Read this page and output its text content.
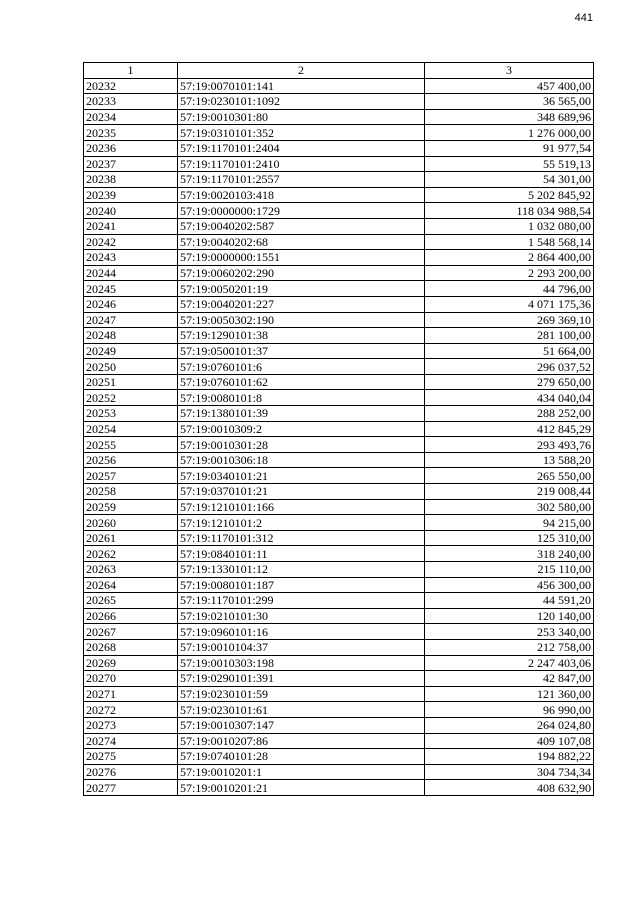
441
1	2	3
20232	57:19:0070101:141	457 400,00
20233	57:19:0230101:1092	36 565,00
20234	57:19:0010301:80	348 689,96
20235	57:19:0310101:352	1 276 000,00
20236	57:19:1170101:2404	91 977,54
20237	57:19:1170101:2410	55 519,13
20238	57:19:1170101:2557	54 301,00
20239	57:19:0020103:418	5 202 845,92
20240	57:19:0000000:1729	118 034 988,54
20241	57:19:0040202:587	1 032 080,00
20242	57:19:0040202:68	1 548 568,14
20243	57:19:0000000:1551	2 864 400,00
20244	57:19:0060202:290	2 293 200,00
20245	57:19:0050201:19	44 796,00
20246	57:19:0040201:227	4 071 175,36
20247	57:19:0050302:190	269 369,10
20248	57:19:1290101:38	281 100,00
20249	57:19:0500101:37	51 664,00
20250	57:19:0760101:6	296 037,52
20251	57:19:0760101:62	279 650,00
20252	57:19:0080101:8	434 040,04
20253	57:19:1380101:39	288 252,00
20254	57:19:0010309:2	412 845,29
20255	57:19:0010301:28	293 493,76
20256	57:19:0010306:18	13 588,20
20257	57:19:0340101:21	265 550,00
20258	57:19:0370101:21	219 008,44
20259	57:19:1210101:166	302 580,00
20260	57:19:1210101:2	94 215,00
20261	57:19:1170101:312	125 310,00
20262	57:19:0840101:11	318 240,00
20263	57:19:1330101:12	215 110,00
20264	57:19:0080101:187	456 300,00
20265	57:19:1170101:299	44 591,20
20266	57:19:0210101:30	120 140,00
20267	57:19:0960101:16	253 340,00
20268	57:19:0010104:37	212 758,00
20269	57:19:0010303:198	2 247 403,06
20270	57:19:0290101:391	42 847,00
20271	57:19:0230101:59	121 360,00
20272	57:19:0230101:61	96 990,00
20273	57:19:0010307:147	264 024,80
20274	57:19:0010207:86	409 107,08
20275	57:19:0740101:28	194 882,22
20276	57:19:0010201:1	304 734,34
20277	57:19:0010201:21	408 632,90
